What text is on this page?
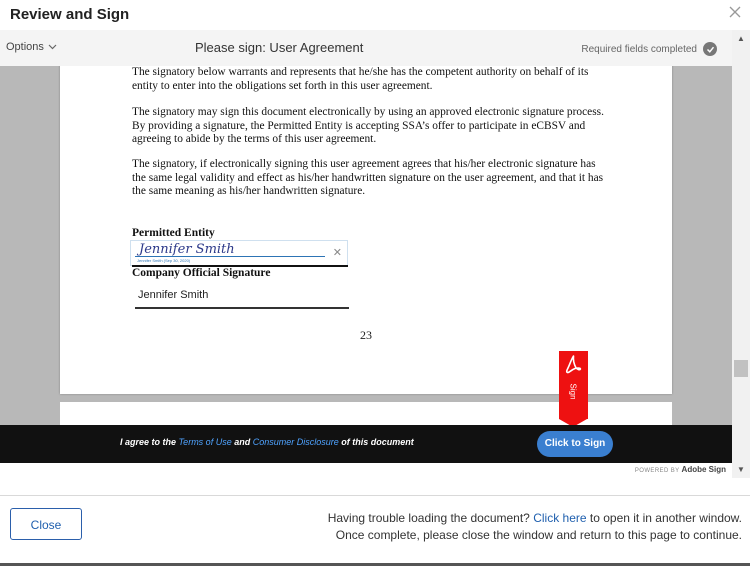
Review and Sign
Options	Please sign: User Agreement	Required fields completed

The signatory below warrants and represents that he/she has the competent authority on behalf of its entity to enter into the obligations set forth in this user agreement.

The signatory may sign this document electronically by using an approved electronic signature process. By providing a signature, the Permitted Entity is accepting SSA’s offer to participate in eCBSV and agreeing to abide by the terms of this user agreement.

The signatory, if electronically signing this user agreement agrees that his/her electronic signature has the same legal validity and effect as his/her handwritten signature on the user agreement, and that it has the same meaning as his/her handwritten signature.

Permitted Entity
Jennifer Smith
Jennifer Smith (Sep 30, 2020)
✕
Company Official Signature
Jennifer Smith
23
Sign
▲
▼
I agree to the Terms of Use and Consumer Disclosure of this document	Click to Sign
POWERED BY Adobe Sign
Close	Having trouble loading the document? Click here to open it in another window.
Once complete, please close the window and return to this page to continue.
